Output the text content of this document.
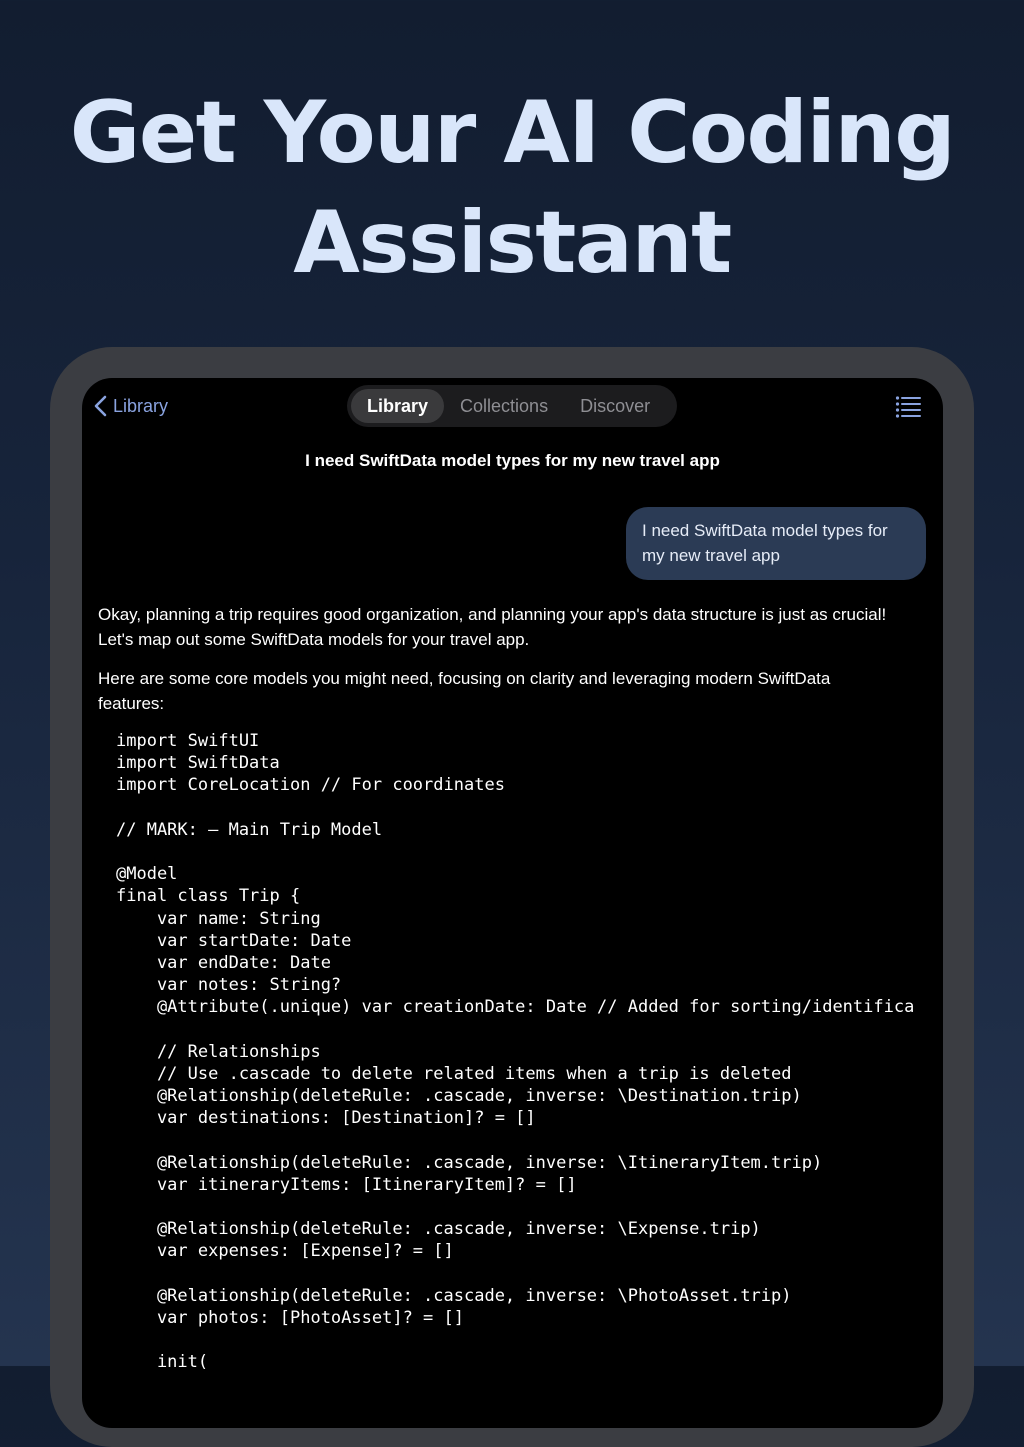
Get Your AI Coding
Assistant
Library	Library	Collections	Discover
I need SwiftData model types for my new travel app
I need SwiftData model types for my new travel app
Okay, planning a trip requires good organization, and planning your app's data structure is just as crucial! Let's map out some SwiftData models for your travel app.
Here are some core models you might need, focusing on clarity and leveraging modern SwiftData features:
import SwiftUI
import SwiftData
import CoreLocation // For coordinates
// MARK: – Main Trip Model
@Model
final class Trip {
var name: String
var startDate: Date
var endDate: Date
var notes: String?
@Attribute(.unique) var creationDate: Date // Added for sorting/identifica
// Relationships
// Use .cascade to delete related items when a trip is deleted
@Relationship(deleteRule: .cascade, inverse: \Destination.trip)
var destinations: [Destination]? = []
@Relationship(deleteRule: .cascade, inverse: \ItineraryItem.trip)
var itineraryItems: [ItineraryItem]? = []
@Relationship(deleteRule: .cascade, inverse: \Expense.trip)
var expenses: [Expense]? = []
@Relationship(deleteRule: .cascade, inverse: \PhotoAsset.trip)
var photos: [PhotoAsset]? = []
init(
